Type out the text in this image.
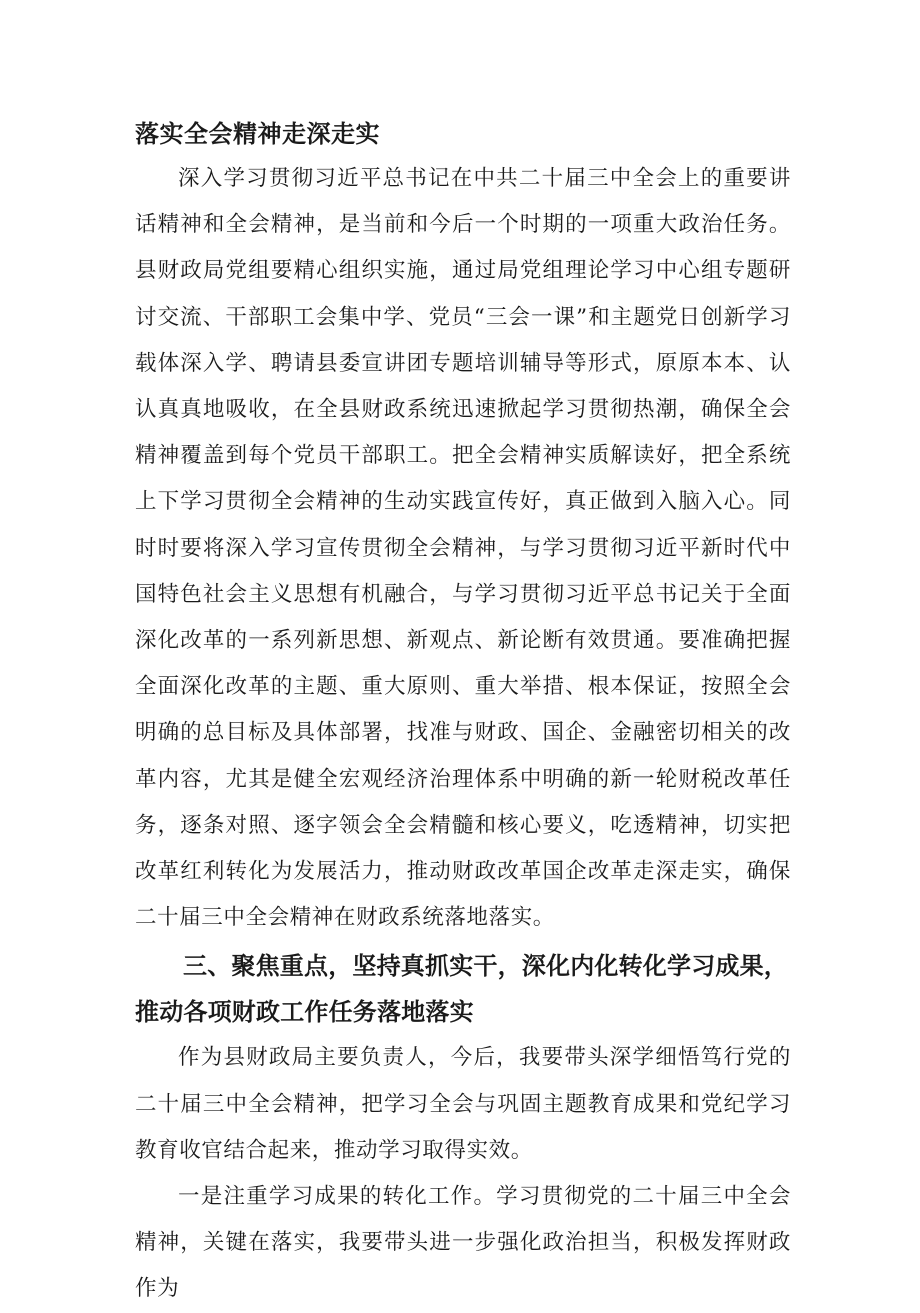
落实全会精神走深走实

深入学习贯彻习近平总书记在中共二十届三中全会上的重要讲话精神和全会精神，是当前和今后一个时期的一项重大政治任务。县财政局党组要精心组织实施，通过局党组理论学习中心组专题研讨交流、干部职工会集中学、党员“三会一课”和主题党日创新学习载体深入学、聘请县委宣讲团专题培训辅导等形式，原原本本、认认真真地吸收，在全县财政系统迅速掀起学习贯彻热潮，确保全会精神覆盖到每个党员干部职工。把全会精神实质解读好，把全系统上下学习贯彻全会精神的生动实践宣传好，真正做到入脑入心。同时时要将深入学习宣传贯彻全会精神，与学习贯彻习近平新时代中国特色社会主义思想有机融合，与学习贯彻习近平总书记关于全面深化改革的一系列新思想、新观点、新论断有效贯通。要准确把握全面深化改革的主题、重大原则、重大举措、根本保证，按照全会明确的总目标及具体部署，找准与财政、国企、金融密切相关的改革内容，尤其是健全宏观经济治理体系中明确的新一轮财税改革任务，逐条对照、逐字领会全会精髓和核心要义，吃透精神，切实把改革红利转化为发展活力，推动财政改革国企改革走深走实，确保二十届三中全会精神在财政系统落地落实。

三、聚焦重点，坚持真抓实干，深化内化转化学习成果，推动各项财政工作任务落地落实

作为县财政局主要负责人，今后，我要带头深学细悟笃行党的二十届三中全会精神，把学习全会与巩固主题教育成果和党纪学习教育收官结合起来，推动学习取得实效。

一是注重学习成果的转化工作。学习贯彻党的二十届三中全会精神，关键在落实，我要带头进一步强化政治担当，积极发挥财政作为
